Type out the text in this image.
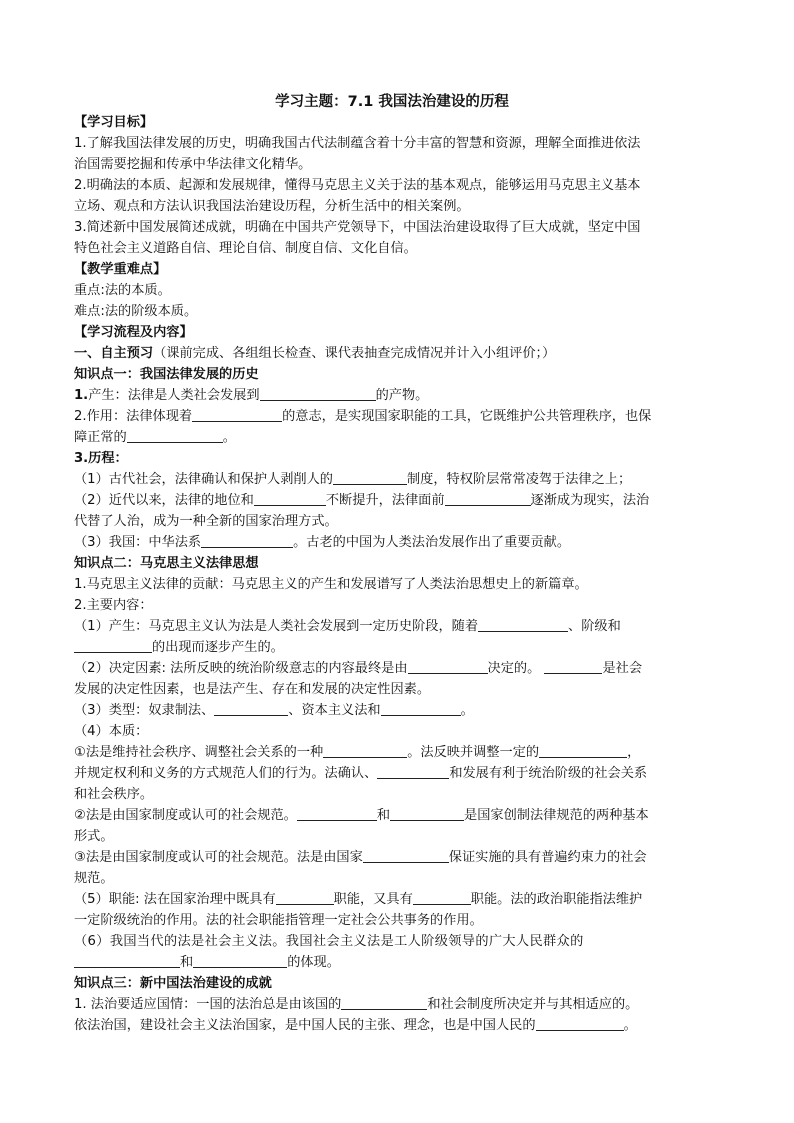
学习主题：7.1 我国法治建设的历程
【学习目标】
1.了解我国法律发展的历史，明确我国古代法制蕴含着十分丰富的智慧和资源，理解全面推进依法
治国需要挖掘和传承中华法律文化精华。
2.明确法的本质、起源和发展规律，懂得马克思主义关于法的基本观点，能够运用马克思主义基本
立场、观点和方法认识我国法治建设历程，分析生活中的相关案例。
3.简述新中国发展简述成就，明确在中国共产党领导下，中国法治建设取得了巨大成就，坚定中国
特色社会主义道路自信、理论自信、制度自信、文化自信。
【教学重难点】
重点:法的本质。
难点:法的阶级本质。
【学习流程及内容】
一、自主预习（课前完成、各组组长检查、课代表抽查完成情况并计入小组评价；）
知识点一：我国法律发展的历史
1.产生：法律是人类社会发展到	的产物。
2.作用：法律体现着	的意志，是实现国家职能的工具，它既维护公共管理秩序，也保
障正常的	。
3.历程：
（1）古代社会，法律确认和保护人剥削人的	制度，特权阶层常常凌驾于法律之上；
（2）近代以来，法律的地位和	不断提升，法律面前	逐渐成为现实，法治
代替了人治，成为一种全新的国家治理方式。
（3）我国：中华法系	。古老的中国为人类法治发展作出了重要贡献。
知识点二：马克思主义法律思想
1.马克思主义法律的贡献：马克思主义的产生和发展谱写了人类法治思想史上的新篇章。
2.主要内容：
（1）产生：马克思主义认为法是人类社会发展到一定历史阶段，随着	、阶级和
的出现而逐步产生的。
（2）决定因素: 法所反映的统治阶级意志的内容最终是由	决定的。	是社会
发展的决定性因素，也是法产生、存在和发展的决定性因素。
（3）类型：奴隶制法、	、资本主义法和	。
（4）本质：
①法是维持社会秩序、调整社会关系的一种	。法反映并调整一定的	，
并规定权利和义务的方式规范人们的行为。法确认、	和发展有利于统治阶级的社会关系
和社会秩序。
②法是由国家制度或认可的社会规范。	和	是国家创制法律规范的两种基本
形式。
③法是由国家制度或认可的社会规范。法是由国家	保证实施的具有普遍约束力的社会
规范。
（5）职能: 法在国家治理中既具有	职能，又具有	职能。法的政治职能指法维护
一定阶级统治的作用。法的社会职能指管理一定社会公共事务的作用。
（6）我国当代的法是社会主义法。我国社会主义法是工人阶级领导的广大人民群众的
和	的体现。
知识点三：新中国法治建设的成就
1. 法治要适应国情：一国的法治总是由该国的	和社会制度所决定并与其相适应的。
依法治国，建设社会主义法治国家，是中国人民的主张、理念，也是中国人民的	。
